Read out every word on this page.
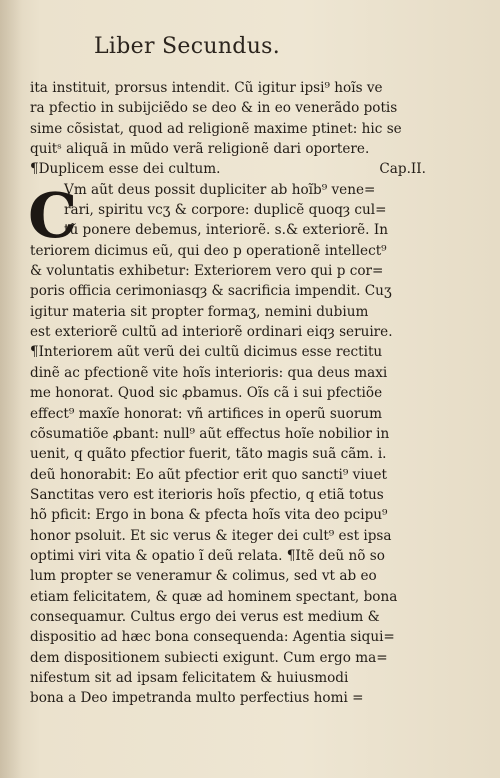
Liber Secundus.
C
ita instituit, prorsus intendit. Cũ igitur ipsi⁹ hoĩs ve
ra pfectio in subijciẽdo se deo & in eo venerãdo potis
sime cõsistat, quod ad religionẽ maxime ptinet: hic se
quitˢ aliquã in mũdo verã religionẽ dari oportere.
¶Duplicem esse dei cultum.	Cap.II.
Vm aũt deus possit dupliciter ab hoĩb⁹ vene=
rari, spiritu vcʒ & corpore: duplicẽ quoqȝ cul=
tũ ponere debemus, interiorẽ. s.& exteriorẽ. In
teriorem dicimus eũ, qui deo p operationẽ intellect⁹
& voluntatis exhibetur: Exteriorem vero qui p cor=
poris officia cerimoniasqȝ & sacrificia impendit. Cuʒ
igitur materia sit propter formaʒ, nemini dubium
est exteriorẽ cultũ ad interiorẽ ordinari eiqȝ seruire.
¶Interiorem aũt verũ dei cultũ dicimus esse rectitu
dinẽ ac pfectionẽ vite hoĩs interioris: qua deus maxi
me honorat. Quod sic ꝓbamus. Oĩs cã i sui pfectiõe
effect⁹ maxĩe honorat: vñ artifices in operũ suorum
cõsumatiõe ꝓbant: null⁹ aũt effectus hoĩe nobilior in
uenit, q quãto pfectior fuerit, tãto magis suã cãm. i.
deũ honorabit: Eo aũt pfectior erit quo sancti⁹ viuet
Sanctitas vero est iterioris hoĩs pfectio, q etiã totus
hõ pficit: Ergo in bona & pfecta hoĩs vita deo pcipu⁹
honor psoluit. Et sic verus & iteger dei cult⁹ est ipsa
optimi viri vita & opatio ĩ deũ relata. ¶Itẽ deũ nõ so
lum propter se veneramur & colimus, sed vt ab eo
etiam felicitatem, & quæ ad hominem spectant, bona
consequamur. Cultus ergo dei verus est medium &
dispositio ad hæc bona consequenda: Agentia siqui=
dem dispositionem subiecti exigunt. Cum ergo ma=
nifestum sit ad ipsam felicitatem & huiusmodi
bona a Deo impetranda multo perfectius homi =
